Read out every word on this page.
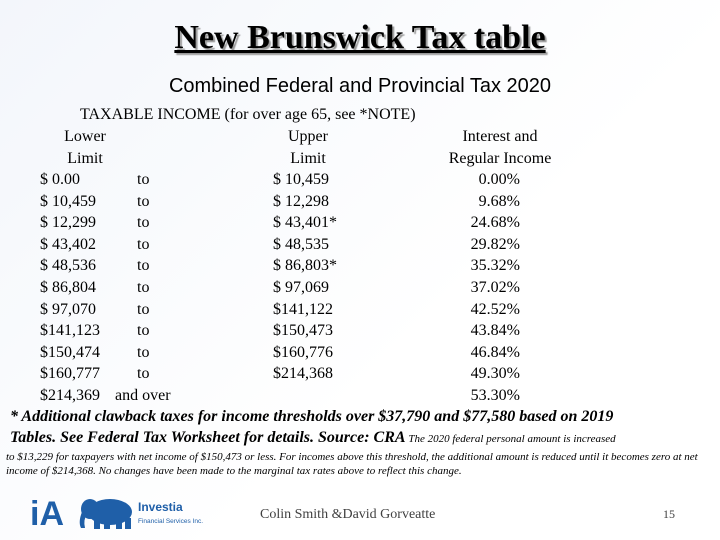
New Brunswick Tax table
Combined Federal and Provincial Tax 2020
TAXABLE INCOME (for over age 65, see *NOTE)
Lower
Limit
Upper
Limit
Interest and
Regular Income
$ 0.00	to	$ 10,459	0.00%
$ 10,459	to	$ 12,298	9.68%
$ 12,299	to	$ 43,401*	24.68%
$ 43,402	to	$ 48,535	29.82%
$ 48,536	to	$ 86,803*	35.32%
$ 86,804	to	$ 97,069	37.02%
$ 97,070	to	$141,122	42.52%
$141,123 to	$150,473	43.84%
$150,474 to	$160,776	46.84%
$160,777 to	$214,368	49.30%
$214,369 and over	53.30%
* Additional clawback taxes for income thresholds over $37,790 and $77,580 based on 2019
Tables. See Federal Tax Worksheet for details. Source: CRA The 2020 federal personal amount is increased
to $13,229 for taxpayers with net income of $150,473 or less. For incomes above this threshold, the additional amount is reduced until it becomes zero at net income of $214,368. No changes have been made to the marginal tax rates above to reflect this change.
iA	Investia
Financial Services Inc.	Colin Smith &David Gorveatte	15
